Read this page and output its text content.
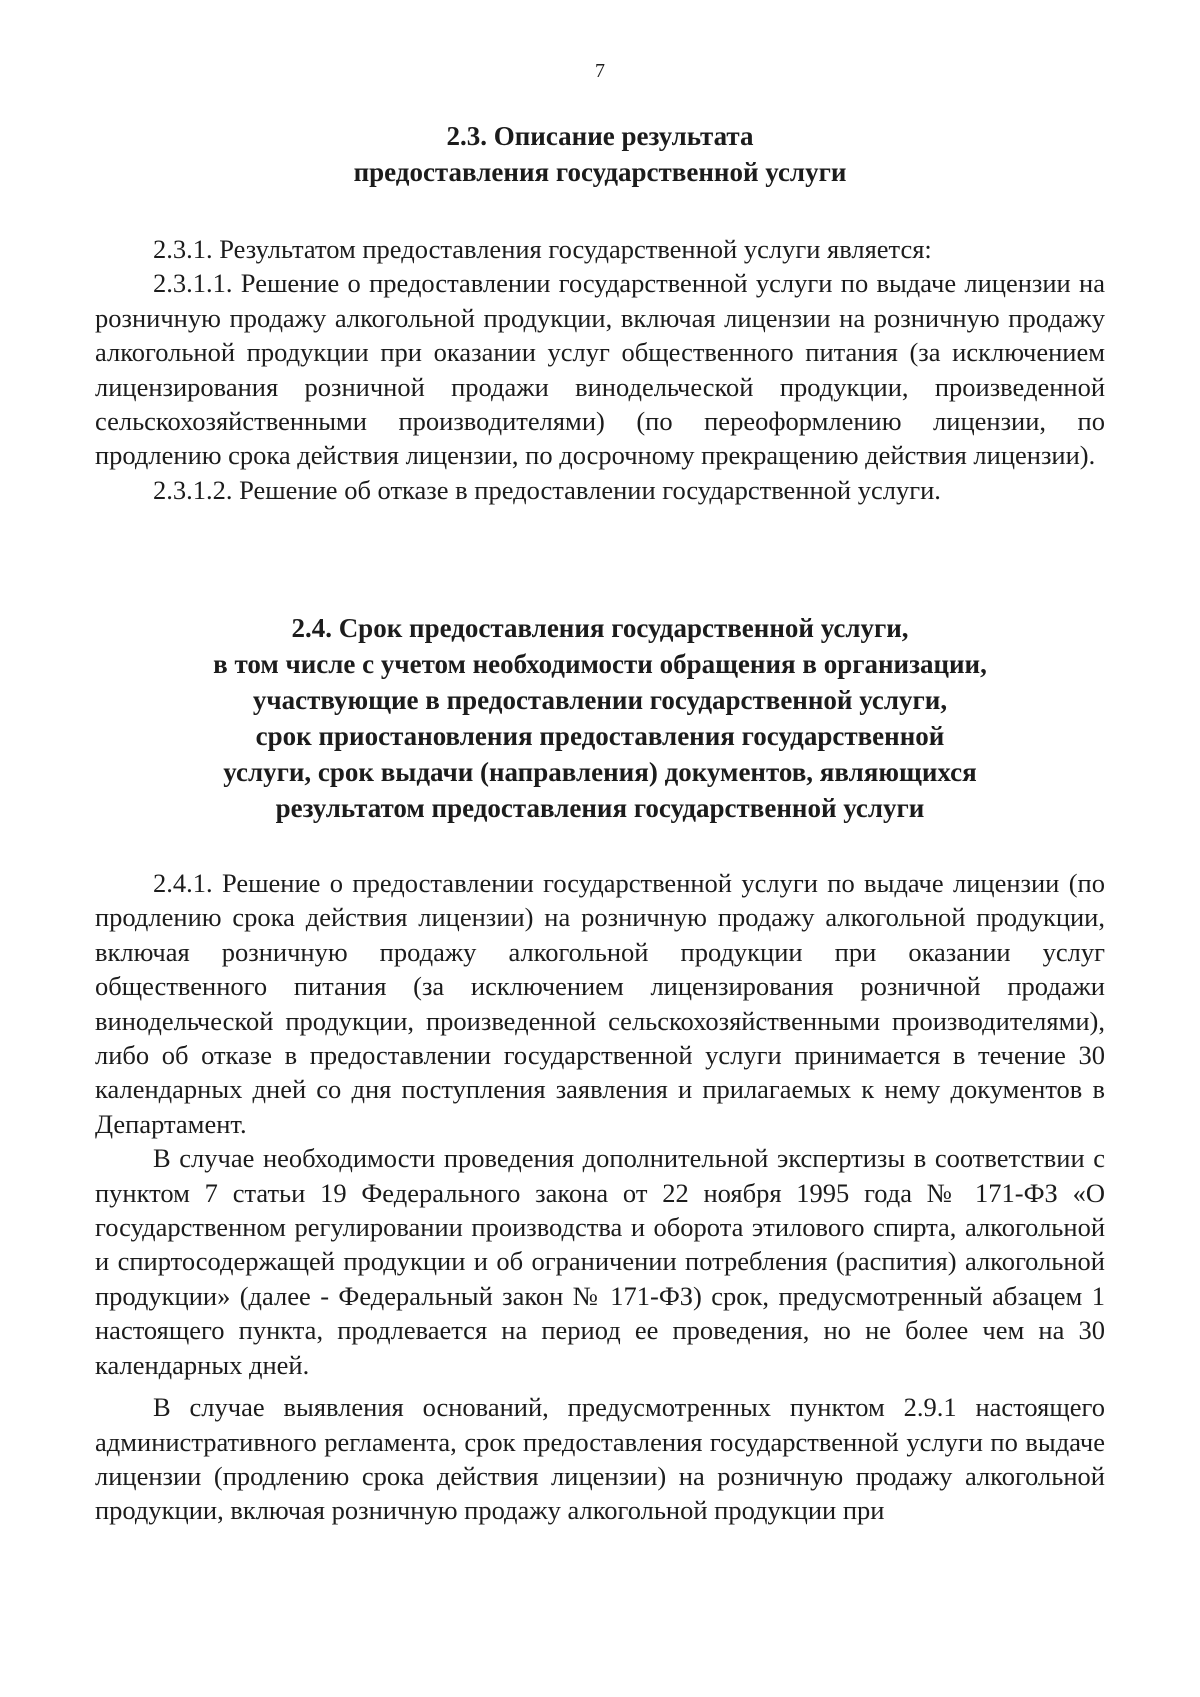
7
2.3. Описание результата
предоставления государственной услуги

2.3.1. Результатом предоставления государственной услуги является:

2.3.1.1. Решение о предоставлении государственной услуги по выдаче лицензии на розничную продажу алкогольной продукции, включая лицензии на розничную продажу алкогольной продукции при оказании услуг общественного питания (за исключением лицензирования розничной продажи винодельческой продукции, произведенной сельскохозяйственными производителями) (по переоформлению лицензии, по продлению срока действия лицензии, по досрочному прекращению действия лицензии).

2.3.1.2. Решение об отказе в предоставлении государственной услуги.

2.4. Срок предоставления государственной услуги,
в том числе с учетом необходимости обращения в организации,
участвующие в предоставлении государственной услуги,
срок приостановления предоставления государственной
услуги, срок выдачи (направления) документов, являющихся
результатом предоставления государственной услуги

2.4.1. Решение о предоставлении государственной услуги по выдаче лицензии (по продлению срока действия лицензии) на розничную продажу алкогольной продукции, включая розничную продажу алкогольной продукции при оказании услуг общественного питания (за исключением лицензирования розничной продажи винодельческой продукции, произведенной сельскохозяйственными производителями), либо об отказе в предоставлении государственной услуги принимается в течение 30 календарных дней со дня поступления заявления и прилагаемых к нему документов в Департамент.

В случае необходимости проведения дополнительной экспертизы в соответствии с пунктом 7 статьи 19 Федерального закона от 22 ноября 1995 года № 171-ФЗ «О государственном регулировании производства и оборота этилового спирта, алкогольной и спиртосодержащей продукции и об ограничении потребления (распития) алкогольной продукции» (далее - Федеральный закон № 171-ФЗ) срок, предусмотренный абзацем 1 настоящего пункта, продлевается на период ее проведения, но не более чем на 30 календарных дней.

В случае выявления оснований, предусмотренных пунктом 2.9.1 настоящего административного регламента, срок предоставления государственной услуги по выдаче лицензии (продлению срока действия лицензии) на розничную продажу алкогольной продукции, включая розничную продажу алкогольной продукции при
